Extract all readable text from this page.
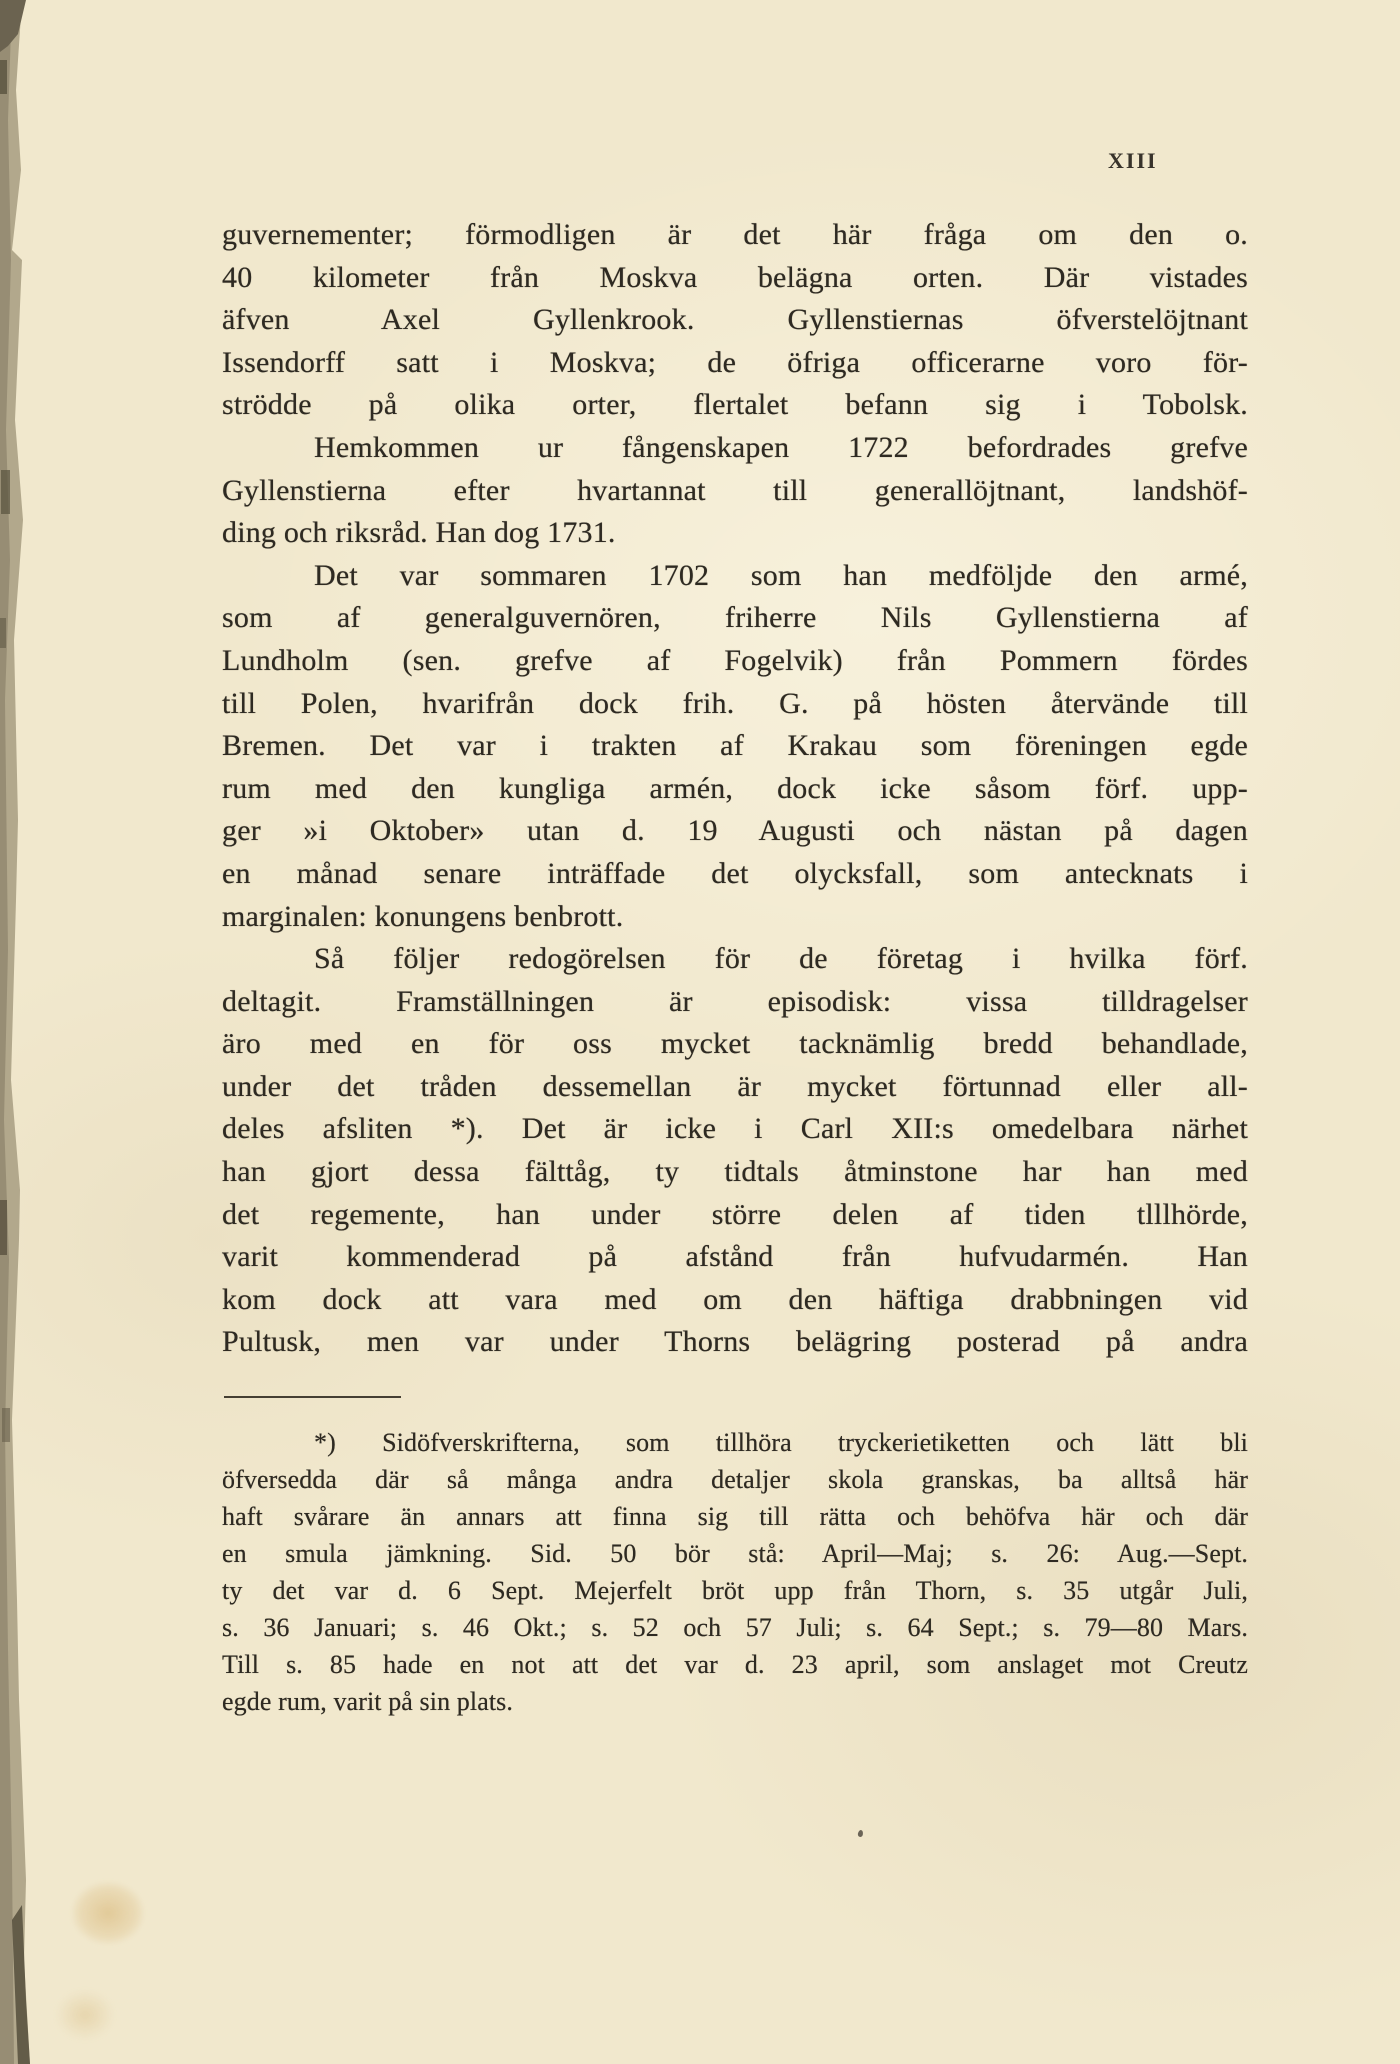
XIII
guvernementer; förmodligen är det här fråga om den o.
40 kilometer från Moskva belägna orten. Där vistades
äfven Axel Gyllenkrook. Gyllenstiernas öfverstelöjtnant
Issendorff satt i Moskva; de öfriga officerarne voro för-
strödde på olika orter, flertalet befann sig i Tobolsk.
Hemkommen ur fångenskapen 1722 befordrades grefve
Gyllenstierna efter hvartannat till generallöjtnant, landshöf-
ding och riksråd. Han dog 1731.
Det var sommaren 1702 som han medföljde den armé,
som af generalguvernören, friherre Nils Gyllenstierna af
Lundholm (sen. grefve af Fogelvik) från Pommern fördes
till Polen, hvarifrån dock frih. G. på hösten återvände till
Bremen. Det var i trakten af Krakau som föreningen egde
rum med den kungliga armén, dock icke såsom förf. upp-
ger »i Oktober» utan d. 19 Augusti och nästan på dagen
en månad senare inträffade det olycksfall, som antecknats i
marginalen: konungens benbrott.
Så följer redogörelsen för de företag i hvilka förf.
deltagit. Framställningen är episodisk: vissa tilldragelser
äro med en för oss mycket tacknämlig bredd behandlade,
under det tråden dessemellan är mycket förtunnad eller all-
deles afsliten *). Det är icke i Carl XII:s omedelbara närhet
han gjort dessa fälttåg, ty tidtals åtminstone har han med
det regemente, han under större delen af tiden tlllhörde,
varit kommenderad på afstånd från hufvudarmén. Han
kom dock att vara med om den häftiga drabbningen vid
Pultusk, men var under Thorns belägring posterad på andra
*) Sidöfverskrifterna, som tillhöra tryckerietiketten och lätt bli
öfversedda där så många andra detaljer skola granskas, ba alltså här
haft svårare än annars att finna sig till rätta och behöfva här och där
en smula jämkning. Sid. 50 bör stå: April—Maj; s. 26: Aug.—Sept.
ty det var d. 6 Sept. Mejerfelt bröt upp från Thorn, s. 35 utgår Juli,
s. 36 Januari; s. 46 Okt.; s. 52 och 57 Juli; s. 64 Sept.; s. 79—80 Mars.
Till s. 85 hade en not att det var d. 23 april, som anslaget mot Creutz
egde rum, varit på sin plats.
